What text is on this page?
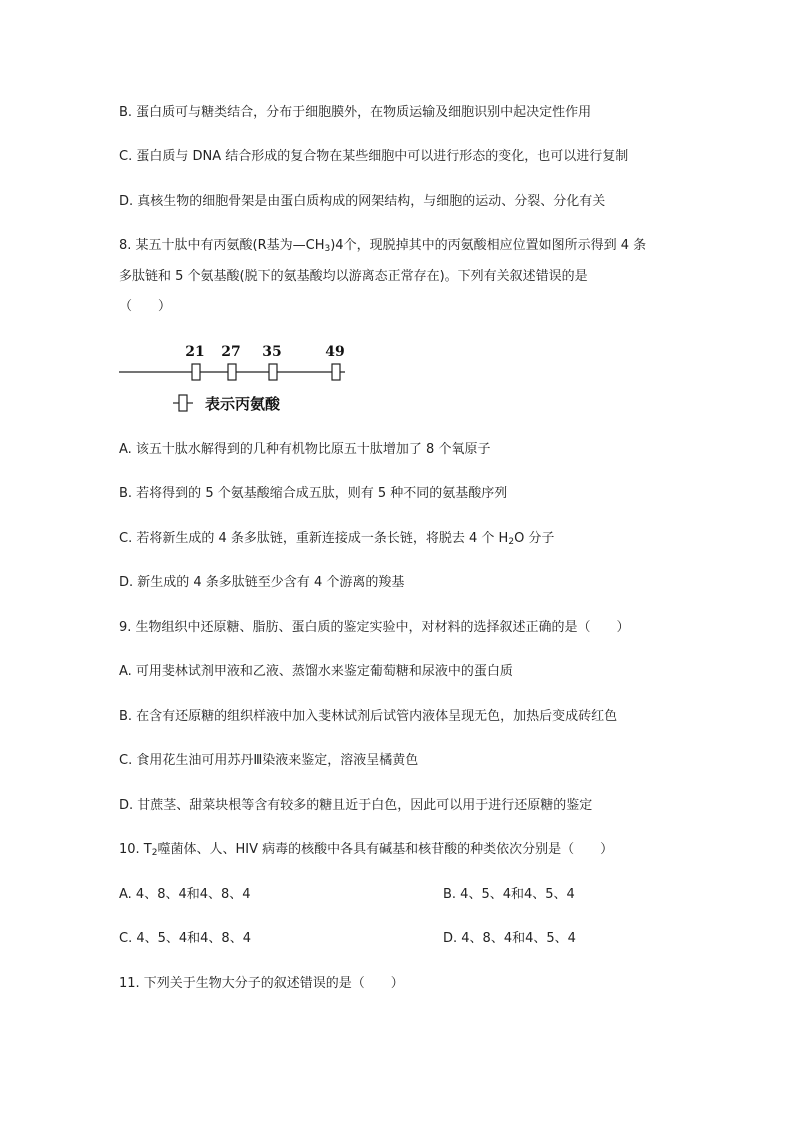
B. 蛋白质可与糖类结合，分布于细胞膜外，在物质运输及细胞识别中起决定性作用
C. 蛋白质与 DNA 结合形成的复合物在某些细胞中可以进行形态的变化，也可以进行复制
D. 真核生物的细胞骨架是由蛋白质构成的网架结构，与细胞的运动、分裂、分化有关
8. 某五十肽中有丙氨酸(R基为$—CH_3)4$个，现脱掉其中的丙氨酸相应位置如图所示得到 4 条
多肽链和 5 个氨基酸(脱下的氨基酸均以游离态正常存在)。下列有关叙述错误的是
（　　）
21 27 35	49
表示丙氨酸
A. 该五十肽水解得到的几种有机物比原五十肽增加了 8 个氧原子
B. 若将得到的 5 个氨基酸缩合成五肽，则有 5 种不同的氨基酸序列
C. 若将新生成的 4 条多肽链，重新连接成一条长链，将脱去 4 个 $H_2O$ 分子
D. 新生成的 4 条多肽链至少含有 4 个游离的羧基
9. 生物组织中还原糖、脂肪、蛋白质的鉴定实验中，对材料的选择叙述正确的是（　　）
A. 可用斐林试剂甲液和乙液、蒸馏水来鉴定葡萄糖和尿液中的蛋白质
B. 在含有还原糖的组织样液中加入斐林试剂后试管内液体呈现无色，加热后变成砖红色
C. 食用花生油可用苏丹Ⅲ染液来鉴定，溶液呈橘黄色
D. 甘蔗茎、甜菜块根等含有较多的糖且近于白色，因此可以用于进行还原糖的鉴定
10. $T_2$噬菌体、人、HIV 病毒的核酸中各具有碱基和核苷酸的种类依次分别是（　　）
A. 4、8、4和4、8、4	B. 4、5、4和4、5、4
C. 4、5、4和4、8、4	D. 4、8、4和4、5、4
11. 下列关于生物大分子的叙述错误的是（　　）
